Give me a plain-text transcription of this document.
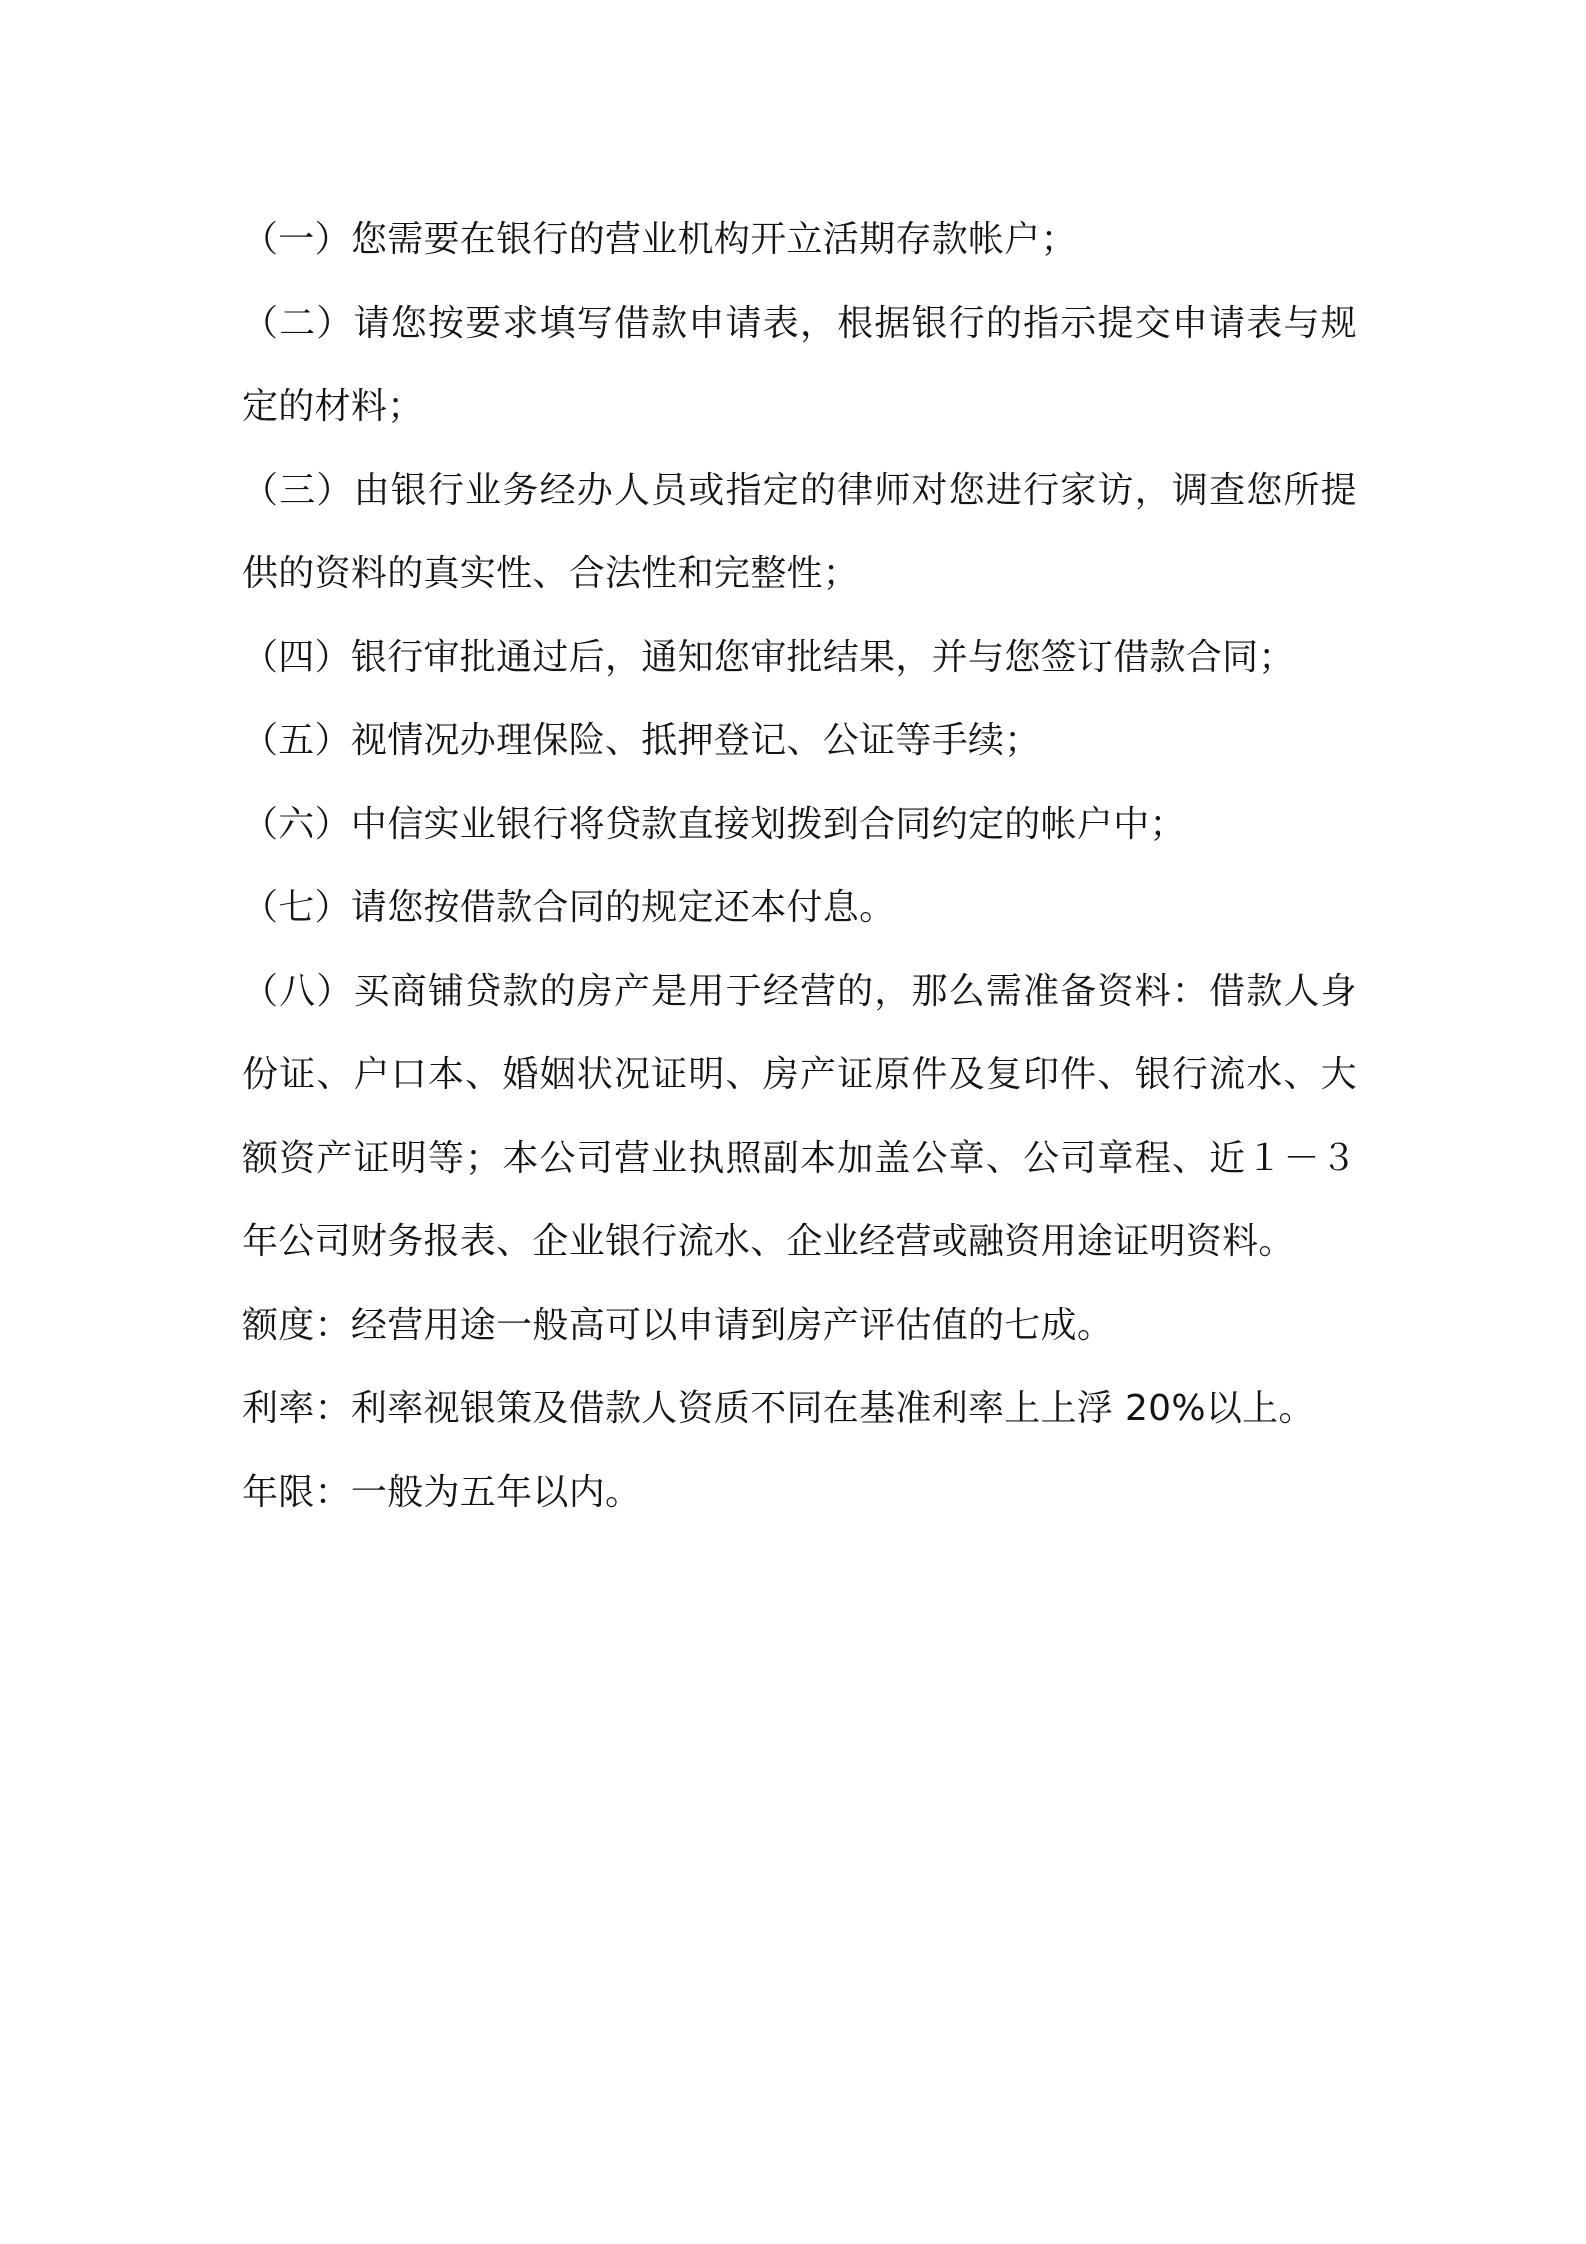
（一）您需要在银行的营业机构开立活期存款帐户；

（二）请您按要求填写借款申请表，根据银行的指示提交申请表与规定的材料；

（三）由银行业务经办人员或指定的律师对您进行家访，调查您所提供的资料的真实性、合法性和完整性；

（四）银行审批通过后，通知您审批结果，并与您签订借款合同；

（五）视情况办理保险、抵押登记、公证等手续；

（六）中信实业银行将贷款直接划拨到合同约定的帐户中；

（七）请您按借款合同的规定还本付息。

（八）买商铺贷款的房产是用于经营的，那么需准备资料：借款人身份证、户口本、婚姻状况证明、房产证原件及复印件、银行流水、大额资产证明等；本公司营业执照副本加盖公章、公司章程、近１－３年公司财务报表、企业银行流水、企业经营或融资用途证明资料。

额度：经营用途一般高可以申请到房产评估值的七成。

利率：利率视银策及借款人资质不同在基准利率上上浮 20%以上。

年限：一般为五年以内。
